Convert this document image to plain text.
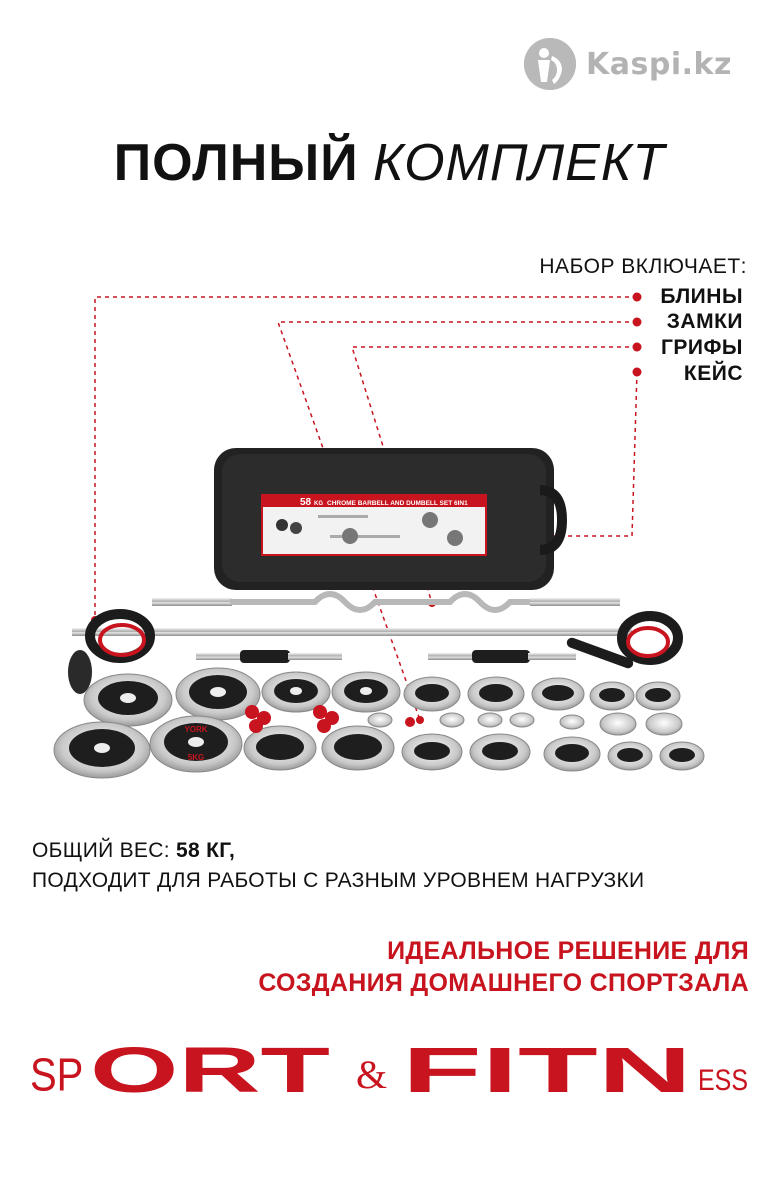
Kaspi.kz
ПОЛНЫЙ КОМПЛЕКТ
НАБОР ВКЛЮЧАЕТ:
БЛИНЫ
ЗАМКИ
ГРИФЫ
КЕЙС
58 KG CHROME BARBELL AND DUMBELL SET 6IN1
5KG
YORK
ОБЩИЙ ВЕС: 58 КГ,
ПОДХОДИТ ДЛЯ РАБОТЫ С РАЗНЫМ УРОВНЕМ НАГРУЗКИ
ИДЕАЛЬНОЕ РЕШЕНИЕ ДЛЯ
СОЗДАНИЯ ДОМАШНЕГО СПОРТЗАЛА
SP ORT & FITN ESS
